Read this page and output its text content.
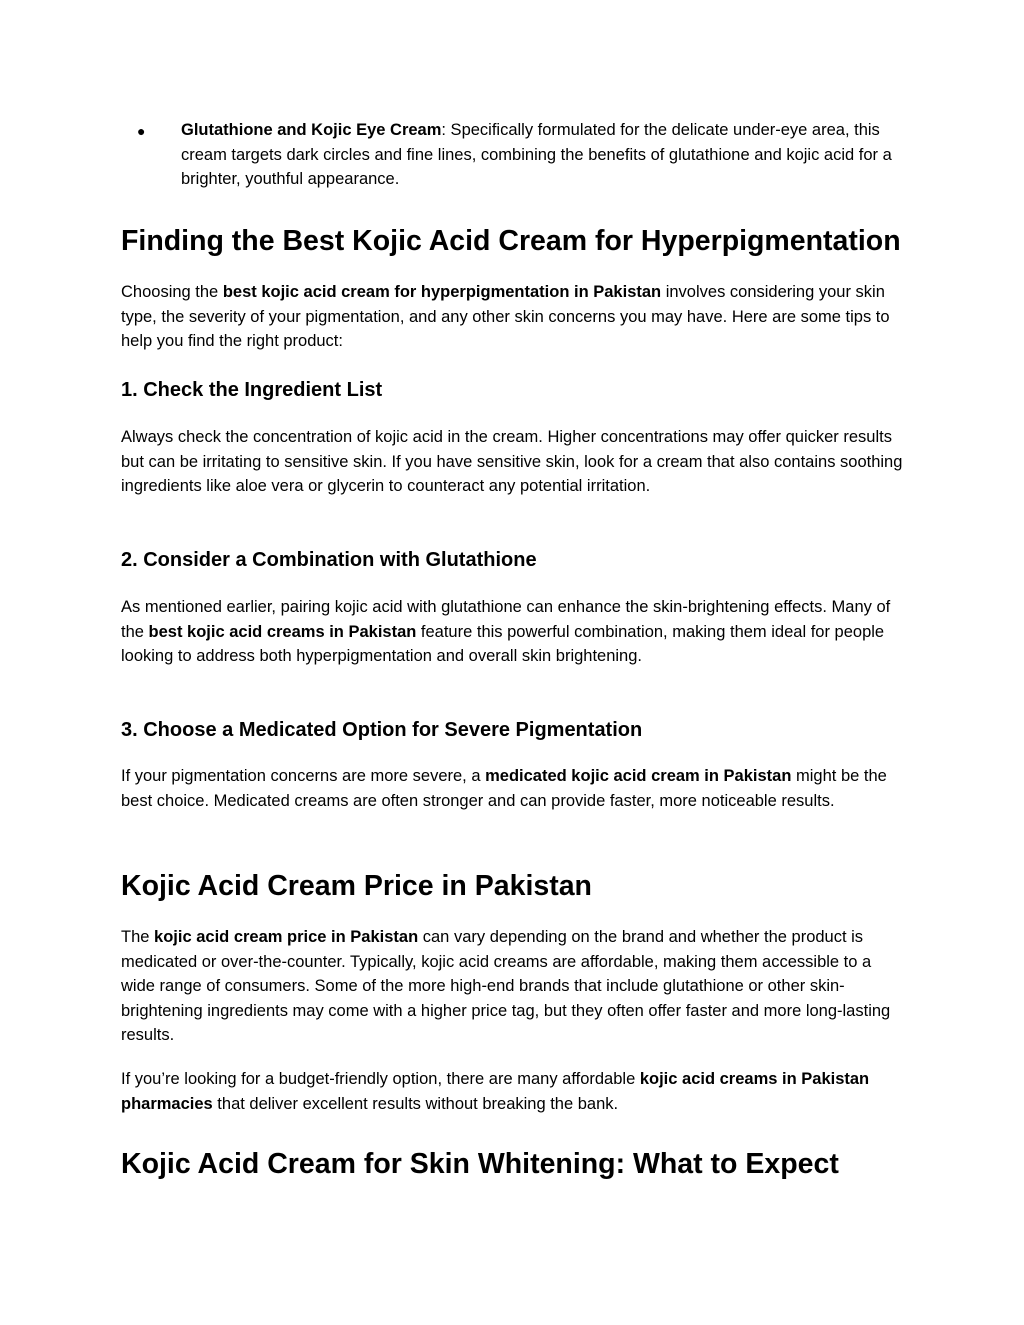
● Glutathione and Kojic Eye Cream: Specifically formulated for the delicate under-eye area, this cream targets dark circles and fine lines, combining the benefits of glutathione and kojic acid for a brighter, youthful appearance.
Finding the Best Kojic Acid Cream for Hyperpigmentation

Choosing the best kojic acid cream for hyperpigmentation in Pakistan involves considering your skin type, the severity of your pigmentation, and any other skin concerns you may have. Here are some tips to help you find the right product:

1. Check the Ingredient List

Always check the concentration of kojic acid in the cream. Higher concentrations may offer quicker results but can be irritating to sensitive skin. If you have sensitive skin, look for a cream that also contains soothing ingredients like aloe vera or glycerin to counteract any potential irritation.

2. Consider a Combination with Glutathione

As mentioned earlier, pairing kojic acid with glutathione can enhance the skin-brightening effects. Many of the best kojic acid creams in Pakistan feature this powerful combination, making them ideal for people looking to address both hyperpigmentation and overall skin brightening.

3. Choose a Medicated Option for Severe Pigmentation

If your pigmentation concerns are more severe, a medicated kojic acid cream in Pakistan might be the best choice. Medicated creams are often stronger and can provide faster, more noticeable results.

Kojic Acid Cream Price in Pakistan

The kojic acid cream price in Pakistan can vary depending on the brand and whether the product is medicated or over-the-counter. Typically, kojic acid creams are affordable, making them accessible to a wide range of consumers. Some of the more high-end brands that include glutathione or other skin-brightening ingredients may come with a higher price tag, but they often offer faster and more long-lasting results.

If you’re looking for a budget-friendly option, there are many affordable kojic acid creams in Pakistan pharmacies that deliver excellent results without breaking the bank.

Kojic Acid Cream for Skin Whitening: What to Expect
